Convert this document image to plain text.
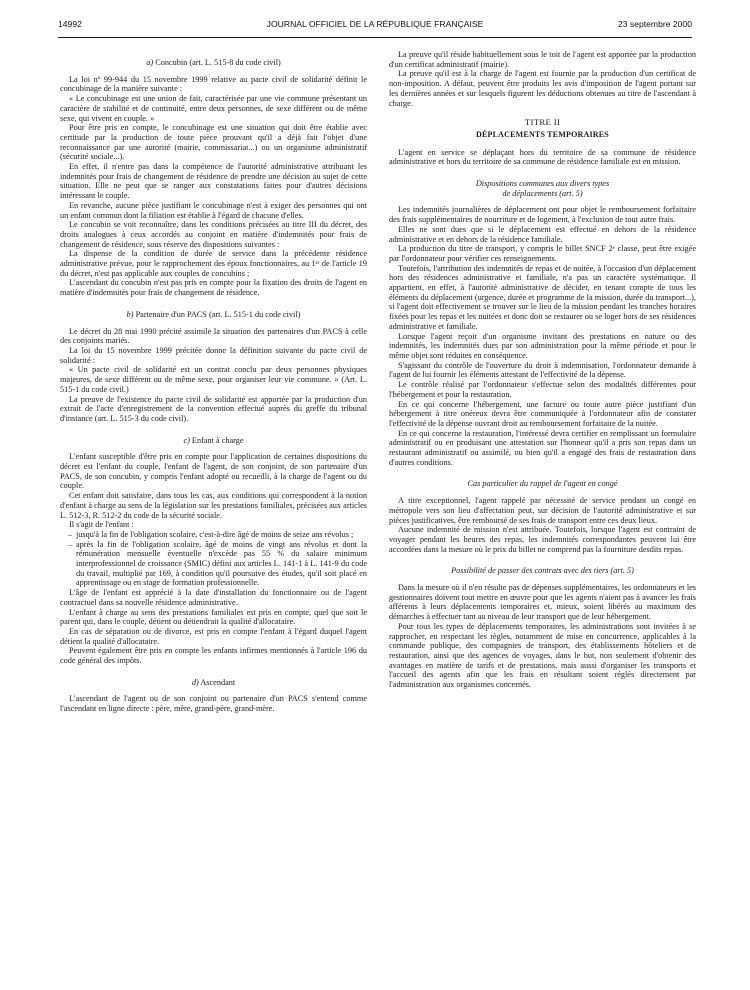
14992	JOURNAL OFFICIEL DE LA RÉPUBLIQUE FRANÇAISE	23 septembre 2000
a) Concubin (art. L. 515-8 du code civil)

La loi nº 99-944 du 15 novembre 1999 relative au pacte civil de solidarité définit le concubinage de la manière suivante :

« Le concubinage est une union de fait, caractérisée par une vie commune présentant un caractère de stabilité et de continuité, entre deux personnes, de sexe différent ou de même sexe, qui vivent en couple. »

Pour être pris en compte, le concubinage est une situation qui doit être établie avec certitude par la production de toute pièce prouvant qu'il a déjà fait l'objet d'une reconnaissance par une autorité (mairie, commissariat...) ou un organisme administratif (sécurité sociale...).

En effet, il n'entre pas dans la compétence de l'autorité administrative attribuant les indemnités pour frais de changement de résidence de prendre une décision au sujet de cette situation. Elle ne peut que se ranger aux constatations faites pour d'autres décisions intéressant le couple.

En revanche, aucune pièce justifiant le concubinage n'est à exiger des personnes qui ont un enfant commun dont la filiation est établie à l'égard de chacune d'elles.

Le concubin se voit reconnaître, dans les conditions précisées au titre III du décret, des droits analogues à ceux accordés au conjoint en matière d'indemnités pour frais de changement de résidence, sous réserve des dispositions suivantes :

La dispense de la condition de durée de service dans la précédente résidence administrative prévue, pour le rapprochement des époux fonctionnaires, au 1ᵉʳ de l'article 19 du décret, n'est pas applicable aux couples de concubins ;

L'ascendant du concubin n'est pas pris en compte pour la fixation des droits de l'agent en matière d'indemnités pour frais de changement de résidence.

b) Partenaire d'un PACS (art. L. 515-1 du code civil)

Le décret du 28 mai 1990 précité assimile la situation des partenaires d'un PACS à celle des conjoints mariés.

La loi du 15 novembre 1999 précitée donne la définition suivante du pacte civil de solidarité :

« Un pacte civil de solidarité est un contrat conclu par deux personnes physiques majeures, de sexe différent ou de même sexe, pour organiser leur vie commune. » (Art. L. 515-1 du code civil.)

La preuve de l'existence du pacte civil de solidarité est apportée par la production d'un extrait de l'acte d'enregistrement de la convention effectué auprès du greffe du tribunal d'instance (art. L. 515-3 du code civil).

c) Enfant à charge

L'enfant susceptible d'être pris en compte pour l'application de certaines dispositions du décret est l'enfant du couple, l'enfant de l'agent, de son conjoint, de son partenaire d'un PACS, de son concubin, y compris l'enfant adopté ou recueilli, à la charge de l'agent ou du couple.

Cet enfant doit satisfaire, dans tous les cas, aux conditions qui correspondent à la notion d'enfant à charge au sens de la législation sur les prestations familiales, précisées aux articles L. 512-3, R. 512-2 du code de la sécurité sociale.

Il s'agit de l'enfant :

– jusqu'à la fin de l'obligation scolaire, c'est-à-dire âgé de moins de seize ans révolus ;
– après la fin de l'obligation scolaire, âgé de moins de vingt ans révolus et dont la rémunération mensuelle éventuelle n'excède pas 55 % du salaire minimum interprofessionnel de croissance (SMIC) défini aux articles L. 141-1 à L. 141-9 du code du travail, multiplié par 169, à condition qu'il poursuive des études, qu'il soit placé en apprentissage ou en stage de formation professionnelle.

L'âge de l'enfant est apprécié à la date d'installation du fonctionnaire ou de l'agent contractuel dans sa nouvelle résidence administrative.

L'enfant à charge au sens des prestations familiales est pris en compte, quel que soit le parent qui, dans le couple, détient ou détiendrait la qualité d'allocataire.

En cas de séparation ou de divorce, est pris en compte l'enfant à l'égard duquel l'agent détient la qualité d'allocataire.

Peuvent également être pris en compte les enfants infirmes mentionnés à l'article 196 du code général des impôts.

d) Ascendant

L'ascendant de l'agent ou de son conjoint ou partenaire d'un PACS s'entend comme l'ascendant en ligne directe : père, mère, grand-père, grand-mère.

La preuve qu'il réside habituellement sous le toit de l'agent est apportée par la production d'un certificat administratif (mairie).

La preuve qu'il est à la charge de l'agent est fournie par la production d'un certificat de non-imposition. A défaut, peuvent être produits les avis d'imposition de l'agent portant sur les dernières années et sur lesquels figurent les déductions obtenues au titre de l'ascendant à charge.

TITRE II
DÉPLACEMENTS TEMPORAIRES

L'agent en service se déplaçant hors du territoire de sa commune de résidence administrative et hors du territoire de sa commune de résidence familiale est en mission.

Dispositions communes aux divers types
de déplacements (art. 5)

Les indemnités journalières de déplacement ont pour objet le remboursement forfaitaire des frais supplémentaires de nourriture et de logement, à l'exclusion de tout autre frais.

Elles ne sont dues que si le déplacement est effectué en dehors de la résidence administrative et en dehors de la résidence familiale.

La production du titre de transport, y compris le billet SNCF 2ᵉ classe, peut être exigée par l'ordonnateur pour vérifier ces renseignements.

Toutefois, l'attribution des indemnités de repas et de nuitée, à l'occasion d'un déplacement hors des résidences administrative et familiale, n'a pas un caractère systématique. Il appartient, en effet, à l'autorité administrative de décider, en tenant compte de tous les éléments du déplacement (urgence, durée et programme de la mission, durée du transport...), si l'agent doit effectivement se trouver sur le lieu de la mission pendant les tranches horaires fixées pour les repas et les nuitées et donc doit se restaurer ou se loger hors de ses résidences administrative et familiale.

Lorsque l'agent reçoit d'un organisme invitant des prestations en nature ou des indemnités, les indemnités dues par son administration pour la même période et pour le même objet sont réduites en conséquence.

S'agissant du contrôle de l'ouverture du droit à indemnisation, l'ordonnateur demande à l'agent de lui fournir les éléments attestant de l'effectivité de la dépense.

Le contrôle réalisé par l'ordonnateur s'effectue selon des modalités différentes pour l'hébergement et pour la restauration.

En ce qui concerne l'hébergement, une facture ou toute autre pièce justifiant d'un hébergement à titre onéreux devra être communiquée à l'ordonnateur afin de constater l'effectivité de la dépense ouvrant droit au remboursement forfaitaire de la nuitée.

En ce qui concerne la restauration, l'intéressé devra certifier en remplissant un formulaire administratif ou en produisant une attestation sur l'honneur qu'il a pris son repas dans un restaurant administratif ou assimilé, ou bien qu'il a engagé des frais de restauration dans d'autres conditions.

Cas particulier du rappel de l'agent en congé

A titre exceptionnel, l'agent rappelé par nécessité de service pendant un congé en métropole vers son lieu d'affectation peut, sur décision de l'autorité administrative et sur pièces justificatives, être remboursé de ses frais de transport entre ces deux lieux.

Aucune indemnité de mission n'est attribuée. Toutefois, lorsque l'agent est contraint de voyager pendant les heures des repas, les indemnités correspondantes peuvent lui être accordées dans la mesure où le prix du billet ne comprend pas la fourniture desdits repas.

Possibilité de passer des contrats avec des tiers (art. 5)

Dans la mesure où il n'en résulte pas de dépenses supplémentaires, les ordonnateurs et les gestionnaires doivent tout mettre en œuvre pour que les agents n'aient pas à avancer les frais afférents à leurs déplacements temporaires et, mieux, soient libérés au maximum des démarches à effectuer tant au niveau de leur transport que de leur hébergement.

Pour tous les types de déplacements temporaires, les administrations sont invitées à se rapprocher, en respectant les règles, notamment de mise en concurrence, applicables à la commande publique, des compagnies de transport, des établissements hôteliers et de restauration, ainsi que des agences de voyages, dans le but, non seulement d'obtenir des avantages en matière de tarifs et de prestations, mais aussi d'organiser les transports et l'accueil des agents afin que les frais en résultant soient réglés directement par l'administration aux organismes concernés.
